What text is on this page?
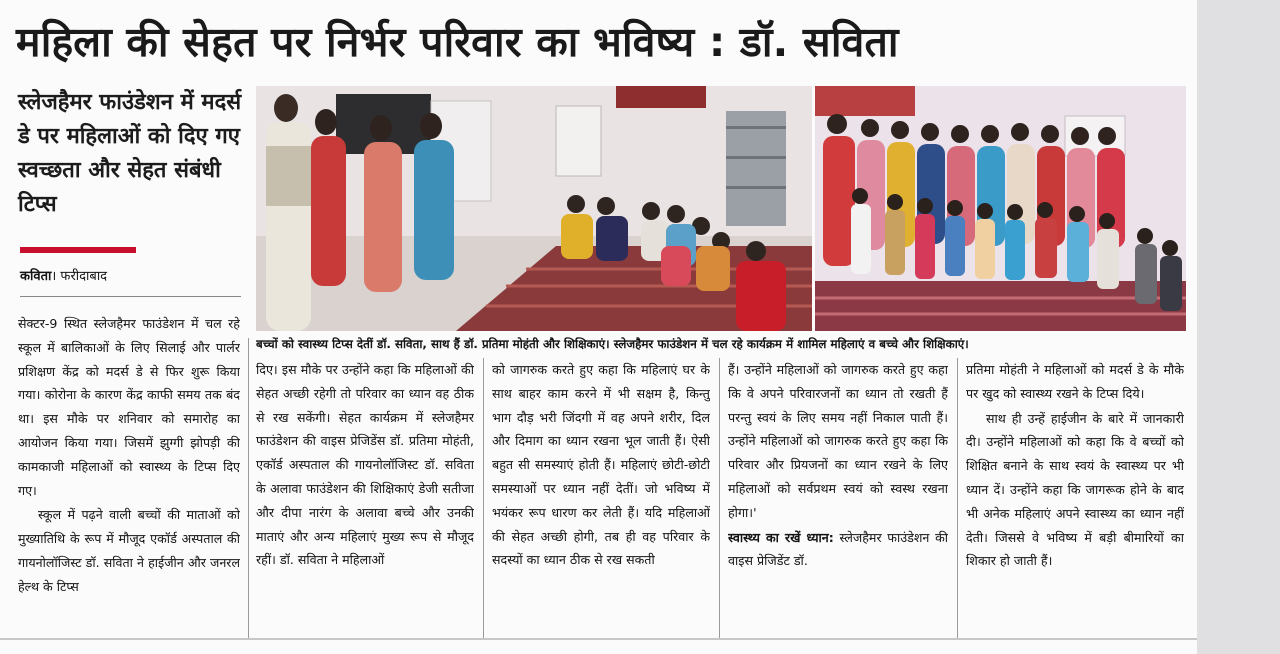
महिला की सेहत पर निर्भर परिवार का भविष्य : डॉ. सविता
स्लेजहैमर फाउंडेशन में मदर्स डे पर महिलाओं को दिए गए स्वच्छता और सेहत संबंधी टिप्स
कविता। फरीदाबाद

सेक्टर-9 स्थित स्लेजहैमर फाउंडेशन में चल रहे स्कूल में बालिकाओं के लिए सिलाई और पार्लर प्रशिक्षण केंद्र को मदर्स डे से फिर शुरू किया गया। कोरोना के कारण केंद्र काफी समय तक बंद था। इस मौके पर शनिवार को समारोह का आयोजन किया गया। जिसमें झुग्गी झोपड़ी की कामकाजी महिलाओं को स्वास्थ्य के टिप्स दिए गए।

स्कूल में पढ़ने वाली बच्चों की माताओं को मुख्यातिथि के रूप में मौजूद एकॉर्ड अस्पताल की गायनोलॉजिस्ट डॉ. सविता ने हाईजीन और जनरल हेल्थ के टिप्स

बच्चों को स्वास्थ्य टिप्स देतीं डॉ. सविता, साथ हैं डॉ. प्रतिमा मोहंती और शिक्षिकाएं। स्लेजहैमर फाउंडेशन में चल रहे कार्यक्रम में शामिल महिलाएं व बच्चे और शिक्षिकाएं।

दिए। इस मौके पर उन्होंने कहा कि महिलाओं की सेहत अच्छी रहेगी तो परिवार का ध्यान वह ठीक से रख सकेंगी। सेहत कार्यक्रम में स्लेजहैमर फाउंडेशन की वाइस प्रेजिडेंस डॉ. प्रतिमा मोहंती, एकॉर्ड अस्पताल की गायनोलॉजिस्ट डॉ. सविता के अलावा फाउंडेशन की शिक्षिकाएं डेजी सतीजा और दीपा नारंग के अलावा बच्चे और उनकी माताएं और अन्य महिलाएं मुख्य रूप से मौजूद रहीं। डॉ. सविता ने महिलाओं

को जागरुक करते हुए कहा कि महिलाएं घर के साथ बाहर काम करने में भी सक्षम है, किन्तु भाग दौड़ भरी जिंदगी में वह अपने शरीर, दिल और दिमाग का ध्यान रखना भूल जाती हैं। ऐसी बहुत सी समस्याएं होती हैं। महिलाएं छोटी-छोटी समस्याओं पर ध्यान नहीं देतीं। जो भविष्य में भयंकर रूप धारण कर लेती हैं। यदि महिलाओं की सेहत अच्छी होगी, तब ही वह परिवार के सदस्यों का ध्यान ठीक से रख सकती

हैं। उन्होंने महिलाओं को जागरुक करते हुए कहा कि वे अपने परिवारजनों का ध्यान तो रखती हैं परन्तु स्वयं के लिए समय नहीं निकाल पाती हैं। उन्होंने महिलाओं को जागरुक करते हुए कहा कि परिवार और प्रियजनों का ध्यान रखने के लिए महिलाओं को सर्वप्रथम स्वयं को स्वस्थ रखना होगा।'

स्वास्थ्य का रखें ध्यान: स्लेजहैमर फाउंडेशन की वाइस प्रेजिडेंट डॉ.

प्रतिमा मोहंती ने महिलाओं को मदर्स डे के मौके पर खुद को स्वास्थ्य रखने के टिप्स दिये।

साथ ही उन्हें हाईजीन के बारे में जानकारी दी। उन्होंने महिलाओं को कहा कि वे बच्चों को शिक्षित बनाने के साथ स्वयं के स्वास्थ्य पर भी ध्यान दें। उन्होंने कहा कि जागरूक होने के बाद भी अनेक महिलाएं अपने स्वास्थ्य का ध्यान नहीं देती। जिससे वे भविष्य में बड़ी बीमारियों का शिकार हो जाती हैं।
